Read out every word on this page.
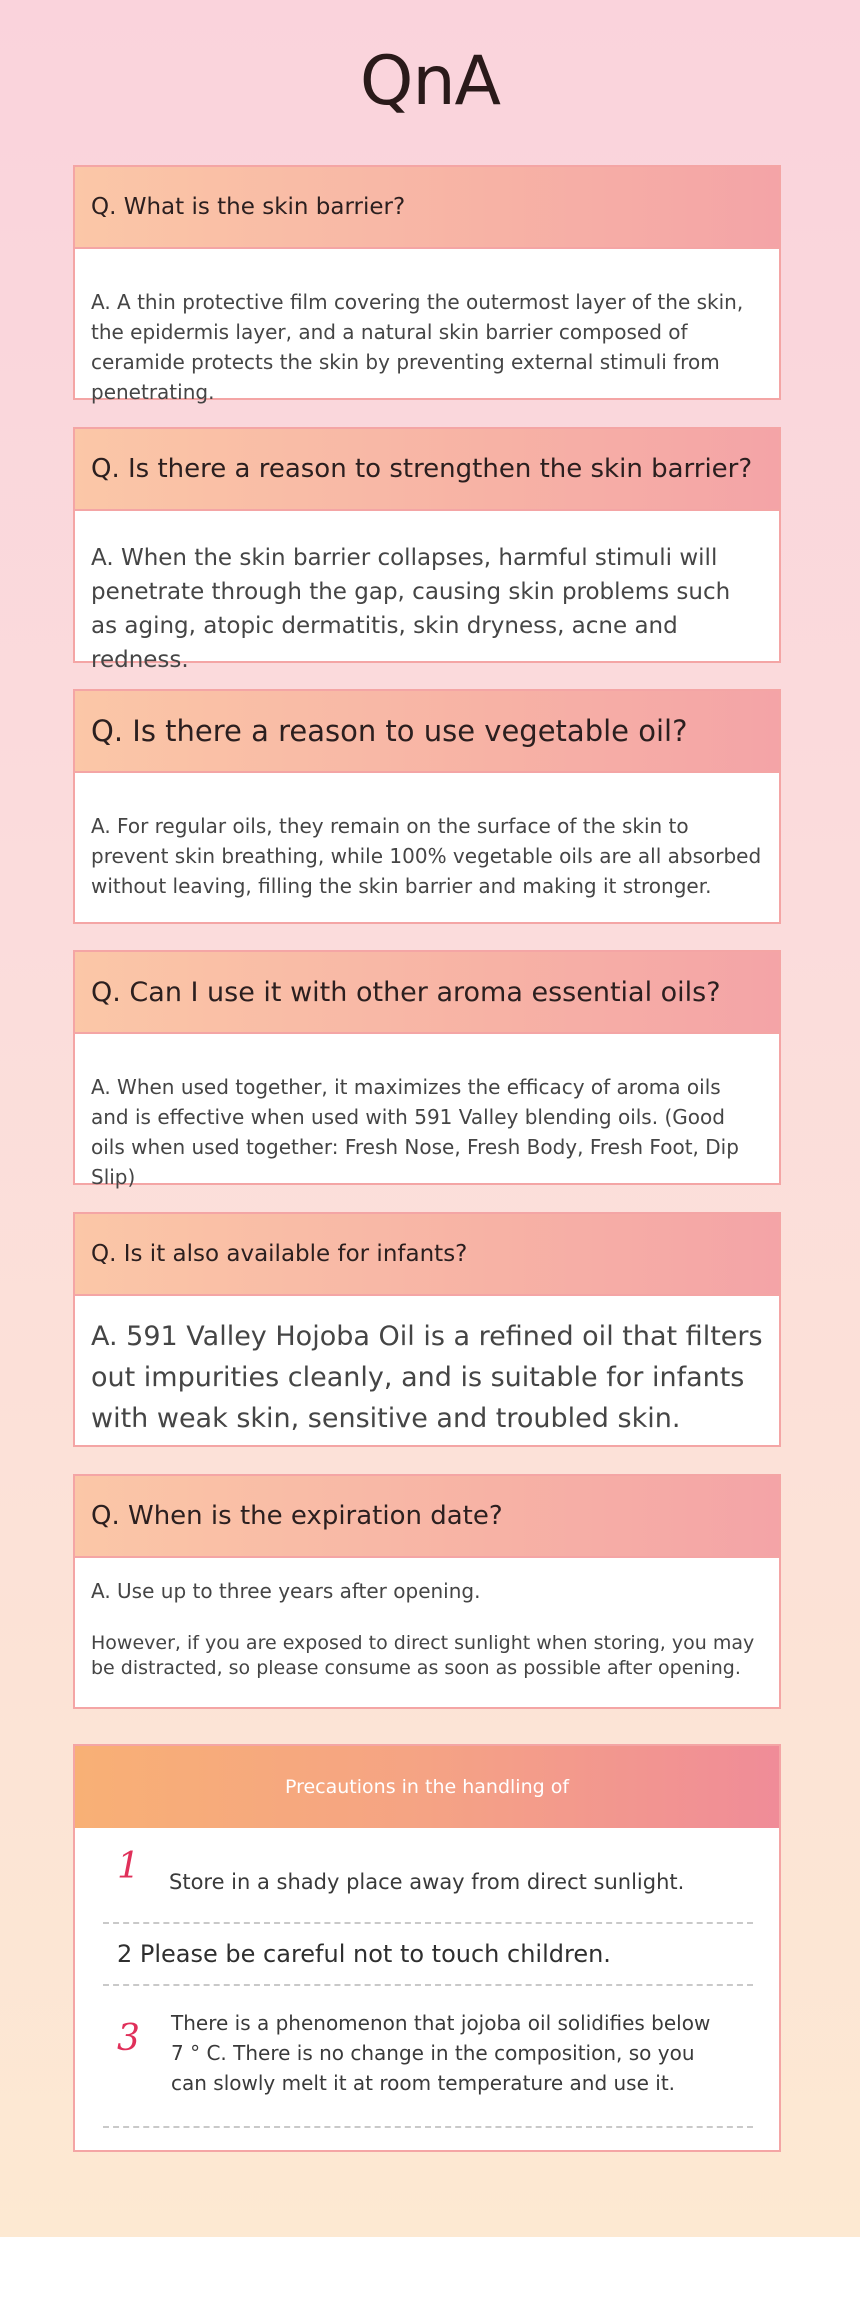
QnA
Q. What is the skin barrier?
A. A thin protective film covering the outermost layer of the skin, the epidermis layer, and a natural skin barrier composed of ceramide protects the skin by preventing external stimuli from penetrating.
Q. Is there a reason to strengthen the skin barrier?
A. When the skin barrier collapses, harmful stimuli will penetrate through the gap, causing skin problems such as aging, atopic dermatitis, skin dryness, acne and redness.
Q. Is there a reason to use vegetable oil?
A. For regular oils, they remain on the surface of the skin to prevent skin breathing, while 100% vegetable oils are all absorbed without leaving, filling the skin barrier and making it stronger.
Q. Can I use it with other aroma essential oils?
A. When used together, it maximizes the efficacy of aroma oils and is effective when used with 591 Valley blending oils. (Good oils when used together: Fresh Nose, Fresh Body, Fresh Foot, Dip Slip)
Q. Is it also available for infants?
A. 591 Valley Hojoba Oil is a refined oil that filters out impurities cleanly, and is suitable for infants with weak skin, sensitive and troubled skin.
Q. When is the expiration date?
A. Use up to three years after opening.
However, if you are exposed to direct sunlight when storing, you may be distracted, so please consume as soon as possible after opening.
Precautions in the handling of
1 Store in a shady place away from direct sunlight.
2 Please be careful not to touch children.
3 There is a phenomenon that jojoba oil solidifies below 7 ° C. There is no change in the composition, so you can slowly melt it at room temperature and use it.
